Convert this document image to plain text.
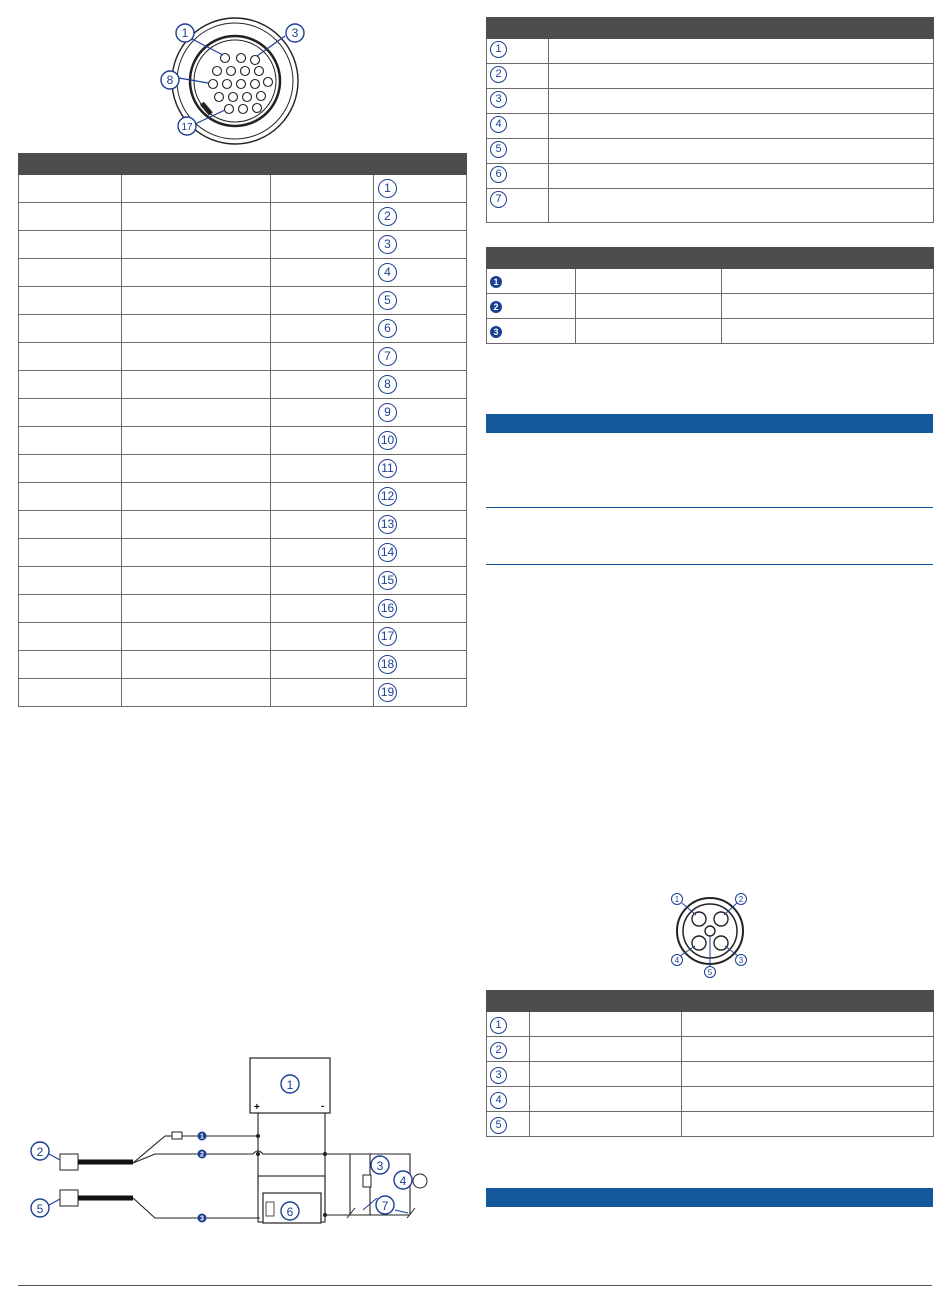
1	3
8
17

			1
			2
			3
			4
			5
			6
			7
			8
			9
			10
			11
			12
			13
			14
			15
			16
			17
			18
			19

1	
2	
3	
4	
5	
6	
7	

1		
2		
3		
1	2
3
4
5

1		
2		
3		
4		
5		
1
+	-
6
3
4
7
2
5
1
2
3
